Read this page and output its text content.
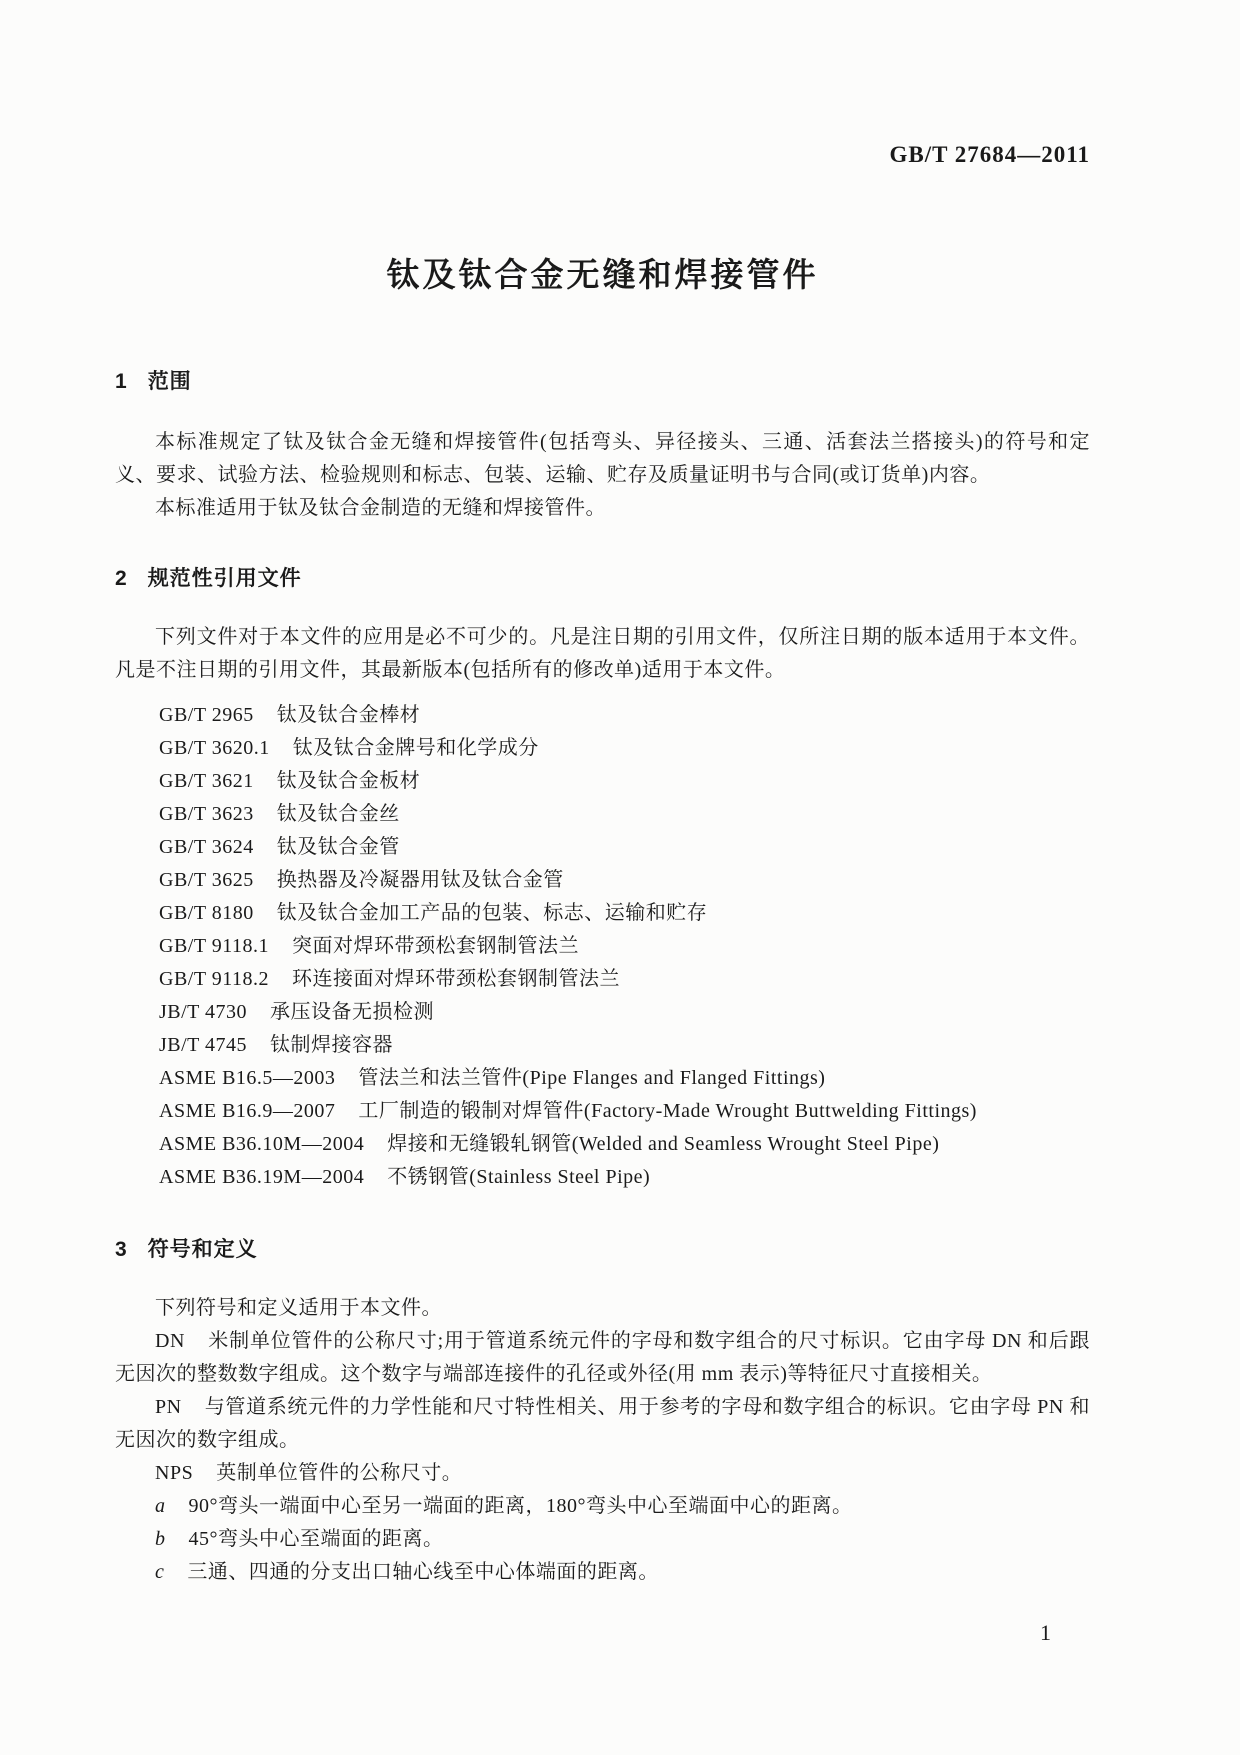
GB/T 27684—2011
钛及钛合金无缝和焊接管件
1 范围

本标准规定了钛及钛合金无缝和焊接管件(包括弯头、异径接头、三通、活套法兰搭接头)的符号和定义、要求、试验方法、检验规则和标志、包装、运输、贮存及质量证明书与合同(或订货单)内容。

本标准适用于钛及钛合金制造的无缝和焊接管件。

2 规范性引用文件

下列文件对于本文件的应用是必不可少的。凡是注日期的引用文件，仅所注日期的版本适用于本文件。凡是不注日期的引用文件，其最新版本(包括所有的修改单)适用于本文件。

GB/T 2965 钛及钛合金棒材
GB/T 3620.1 钛及钛合金牌号和化学成分
GB/T 3621 钛及钛合金板材
GB/T 3623 钛及钛合金丝
GB/T 3624 钛及钛合金管
GB/T 3625 换热器及冷凝器用钛及钛合金管
GB/T 8180 钛及钛合金加工产品的包装、标志、运输和贮存
GB/T 9118.1 突面对焊环带颈松套钢制管法兰
GB/T 9118.2 环连接面对焊环带颈松套钢制管法兰
JB/T 4730 承压设备无损检测
JB/T 4745 钛制焊接容器
ASME B16.5—2003 管法兰和法兰管件(Pipe Flanges and Flanged Fittings)
ASME B16.9—2007 工厂制造的锻制对焊管件(Factory-Made Wrought Buttwelding Fittings)
ASME B36.10M—2004 焊接和无缝锻轧钢管(Welded and Seamless Wrought Steel Pipe)
ASME B36.19M—2004 不锈钢管(Stainless Steel Pipe)
3 符号和定义

下列符号和定义适用于本文件。

DN 米制单位管件的公称尺寸;用于管道系统元件的字母和数字组合的尺寸标识。它由字母 DN 和后跟无因次的整数数字组成。这个数字与端部连接件的孔径或外径(用 mm 表示)等特征尺寸直接相关。

PN 与管道系统元件的力学性能和尺寸特性相关、用于参考的字母和数字组合的标识。它由字母 PN 和无因次的数字组成。

NPS 英制单位管件的公称尺寸。

a 90°弯头一端面中心至另一端面的距离，180°弯头中心至端面中心的距离。

b 45°弯头中心至端面的距离。

c 三通、四通的分支出口轴心线至中心体端面的距离。

1
